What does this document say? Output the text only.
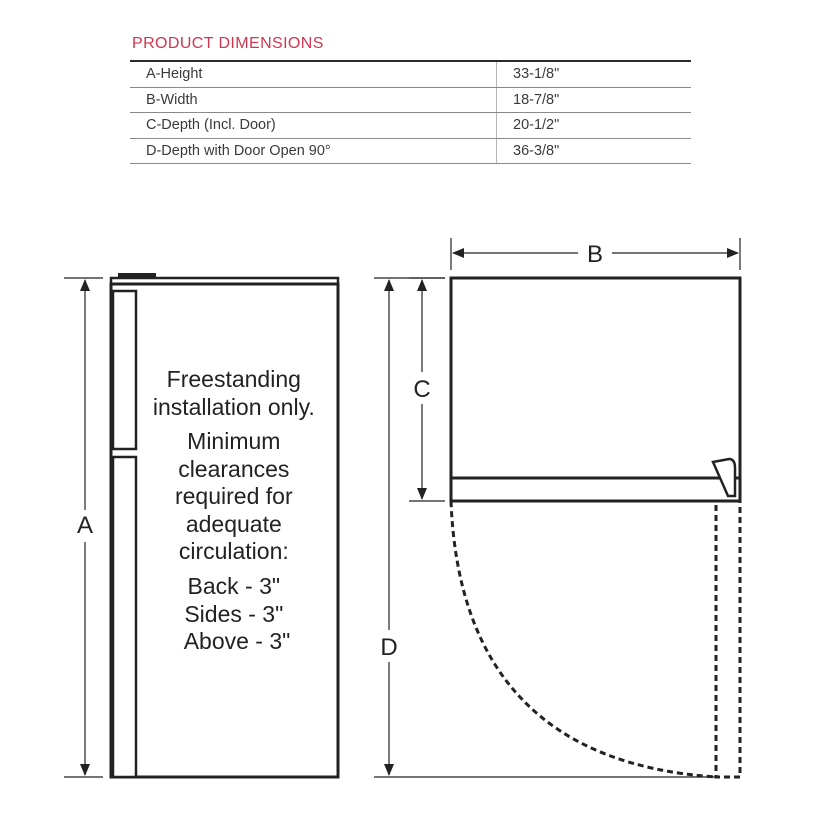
PRODUCT DIMENSIONS
A-Height	33-1/8"
B-Width	18-7/8"
C-Depth (Incl. Door)	20-1/2"
D-Depth with Door Open 90°	36-3/8"
Freestanding installation only. Minimum clearances required for adequate circulation: Back - 3" Sides - 3" Above - 3"
A
B
C
D
